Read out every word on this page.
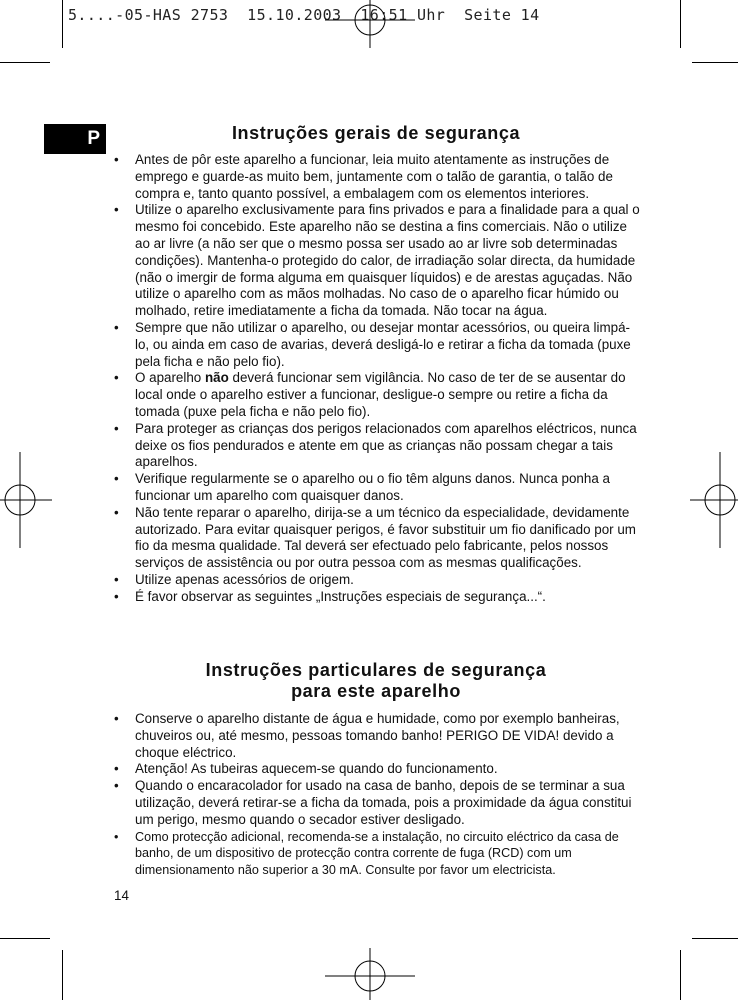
5....-05-HAS 2753  15.10.2003  16:51 Uhr  Seite 14
P	Instruções gerais de segurança
• Antes de pôr este aparelho a funcionar, leia muito atentamente as instruções de emprego e guarde-as muito bem, juntamente com o talão de garantia, o talão de compra e, tanto quanto possível, a embalagem com os elementos interiores.
• Utilize o aparelho exclusivamente para fins privados e para a finalidade para a qual o mesmo foi concebido. Este aparelho não se destina a fins comerciais. Não o utilize ao ar livre (a não ser que o mesmo possa ser usado ao ar livre sob determinadas condições). Mantenha-o protegido do calor, de irradiação solar directa, da humidade (não o imergir de forma alguma em quaisquer líquidos) e de arestas aguçadas. Não utilize o aparelho com as mãos molhadas. No caso de o aparelho ficar húmido ou molhado, retire imediatamente a ficha da tomada. Não tocar na água.
• Sempre que não utilizar o aparelho, ou desejar montar acessórios, ou queira limpá-lo, ou ainda em caso de avarias, deverá desligá-lo e retirar a ficha da tomada (puxe pela ficha e não pelo fio).
• O aparelho não deverá funcionar sem vigilância. No caso de ter de se ausentar do local onde o aparelho estiver a funcionar, desligue-o sempre ou retire a ficha da tomada (puxe pela ficha e não pelo fio).
• Para proteger as crianças dos perigos relacionados com aparelhos eléctricos, nunca deixe os fios pendurados e atente em que as crianças não possam chegar a tais aparelhos.
• Verifique regularmente se o aparelho ou o fio têm alguns danos. Nunca ponha a funcionar um aparelho com quaisquer danos.
• Não tente reparar o aparelho, dirija-se a um técnico da especialidade, devidamente autorizado. Para evitar quaisquer perigos, é favor substituir um fio danificado por um fio da mesma qualidade. Tal deverá ser efectuado pelo fabricante, pelos nossos serviços de assistência ou por outra pessoa com as mesmas qualificações.
• Utilize apenas acessórios de origem.
• É favor observar as seguintes „Instruções especiais de segurança...“.
Instruções particulares de segurança
para este aparelho
• Conserve o aparelho distante de água e humidade, como por exemplo banheiras, chuveiros ou, até mesmo, pessoas tomando banho! PERIGO DE VIDA! devido a choque eléctrico.
• Atenção! As tubeiras aquecem-se quando do funcionamento.
• Quando o encaracolador for usado na casa de banho, depois de se terminar a sua utilização, deverá retirar-se a ficha da tomada, pois a proximidade da água constitui um perigo, mesmo quando o secador estiver desligado.
• Como protecção adicional, recomenda-se a instalação, no circuito eléctrico da casa de banho, de um dispositivo de protecção contra corrente de fuga (RCD) com um dimensionamento não superior a 30 mA. Consulte por favor um electricista.
14
